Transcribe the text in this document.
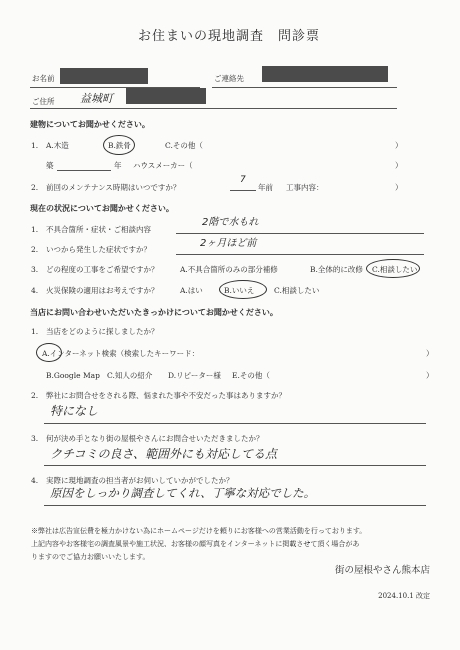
お住まいの現地調査　問診票
お名前	ご連絡先
ご住所 益城町
建物についてお聞かせください。
1. A.木造	B.鉄骨	C.その他（	）
築	年 ハウスメーカー（	）
2. 前回のメンテナンス時期はいつですか？
7
年前 工事内容：	）
現在の状況についてお聞かせください。
1. 不具合箇所・症状・ご相談内容
2階で水もれ
2. いつから発生した症状ですか？
2ヶ月ほど前
3. どの程度の工事をご希望ですか？	A.不具合箇所のみの部分補修	B.全体的に改修 C.相談したい
4. 火災保険の適用はお考えですか？	A.はい	B.いいえ	C.相談したい
当店にお問い合わせいただいたきっかけについてお聞かせください。
1. 当店をどのように探しましたか？
A.インターネット検索（検索したキーワード：	）
B.Google Map C.知人の紹介 D.リピーター様 E.その他（	）
2. 弊社にお問合せをされる際、悩まれた事や不安だった事はありますか？
特になし
3. 何が決め手となり街の屋根やさんにお問合せいただきましたか？
クチコミの良さ、範囲外にも対応してる点
4. 実際に現地調査の担当者がお伺いしていかがでしたか？
原因をしっかり調査してくれ、丁寧な対応でした。
※弊社は広告宣伝費を極力かけない為にホームページだけを頼りにお客様への営業活動を行っております。
上記内容やお客様宅の調査風景や施工状況、お客様の顔写真をインターネットに掲載させて頂く場合があ
りますのでご協力お願いいたします。
街の屋根やさん熊本店
2024.10.1 改定
